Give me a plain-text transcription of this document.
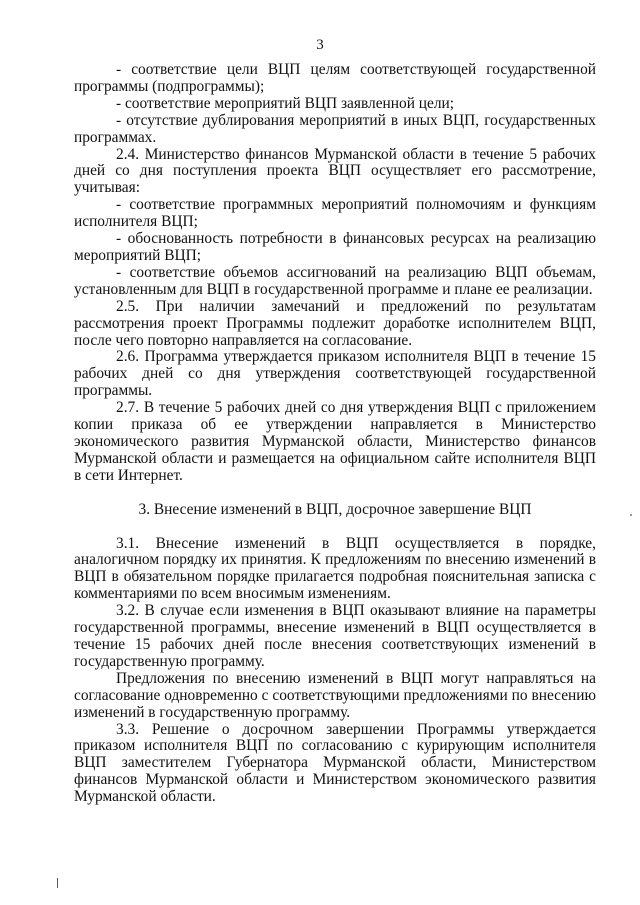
3

- соответствие цели ВЦП целям соответствующей государственной программы (подпрограммы);

- соответствие мероприятий ВЦП заявленной цели;

- отсутствие дублирования мероприятий в иных ВЦП, государственных программах.

2.4. Министерство финансов Мурманской области в течение 5 рабочих дней со дня поступления проекта ВЦП осуществляет его рассмотрение, учитывая:

- соответствие программных мероприятий полномочиям и функциям исполнителя ВЦП;

- обоснованность потребности в финансовых ресурсах на реализацию мероприятий ВЦП;

- соответствие объемов ассигнований на реализацию ВЦП объемам, установленным для ВЦП в государственной программе и плане ее реализации.

2.5. При наличии замечаний и предложений по результатам рассмотрения проект Программы подлежит доработке исполнителем ВЦП, после чего повторно направляется на согласование.

2.6. Программа утверждается приказом исполнителя ВЦП в течение 15 рабочих дней со дня утверждения соответствующей государственной программы.

2.7. В течение 5 рабочих дней со дня утверждения ВЦП с приложением копии приказа об ее утверждении направляется в Министерство экономического развития Мурманской области, Министерство финансов Мурманской области и размещается на официальном сайте исполнителя ВЦП в сети Интернет.

3. Внесение изменений в ВЦП, досрочное завершение ВЦП

3.1. Внесение изменений в ВЦП осуществляется в порядке, аналогичном порядку их принятия. К предложениям по внесению изменений в ВЦП в обязательном порядке прилагается подробная пояснительная записка с комментариями по всем вносимым изменениям.

3.2. В случае если изменения в ВЦП оказывают влияние на параметры государственной программы, внесение изменений в ВЦП осуществляется в течение 15 рабочих дней после внесения соответствующих изменений в государственную программу.

Предложения по внесению изменений в ВЦП могут направляться на согласование одновременно с соответствующими предложениями по внесению изменений в государственную программу.

3.3. Решение о досрочном завершении Программы утверждается приказом исполнителя ВЦП по согласованию с курирующим исполнителя ВЦП заместителем Губернатора Мурманской области, Министерством финансов Мурманской области и Министерством экономического развития Мурманской области.
